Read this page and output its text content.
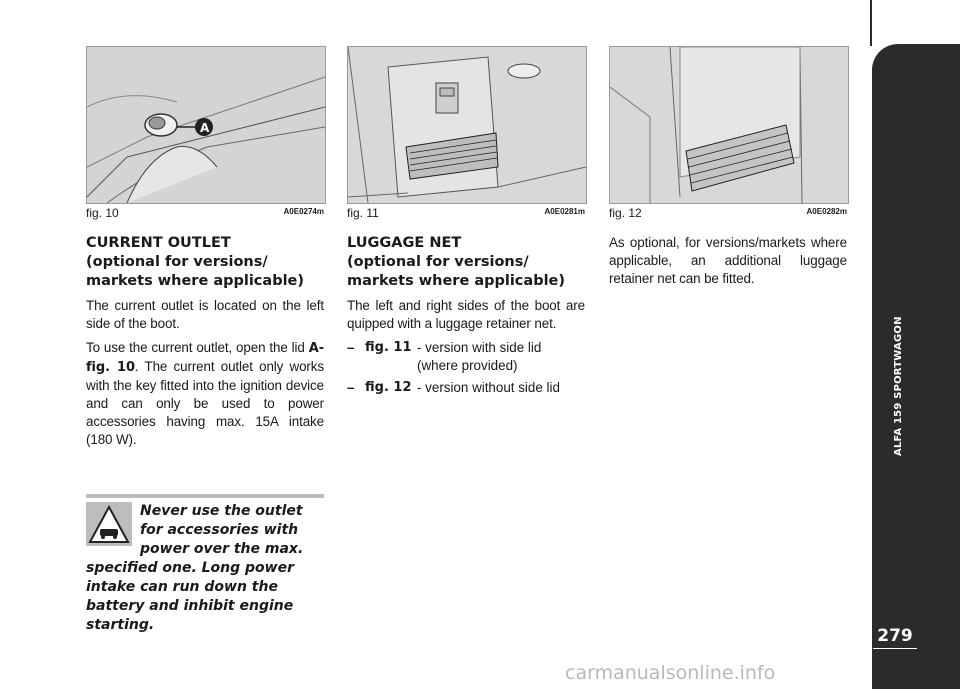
A
fig. 10	A0E0274m fig. 11	A0E0281m fig. 12	A0E0282m
CURRENT OUTLET
(optional for versions/
markets where applicable)

The current outlet is located on the left side of the boot.

To use the current outlet, open the lid A-fig. 10. The current outlet only works with the key fitted into the ignition device and can only be used to power accessories having max. 15A intake (180 W).

Never use the outlet for accessories with power over the max. specified one. Long power intake can run down the battery and inhibit engine starting.
LUGGAGE NET
(optional for versions/
markets where applicable)

The left and right sides of the boot are quipped with a luggage retainer net.

– fig. 11 - version with side lid (where provided)
– fig. 12 - version without side lid

As optional, for versions/markets where applicable, an additional luggage retainer net can be fitted.

ALFA 159 SPORTWAGON
279
carmanualsonline.info
